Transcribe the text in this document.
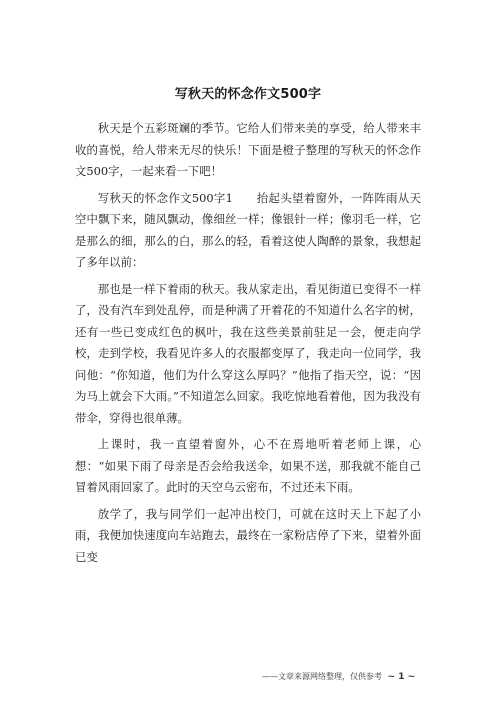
写秋天的怀念作文500字

秋天是个五彩斑斓的季节。它给人们带来美的享受，给人带来丰收的喜悦，给人带来无尽的快乐！下面是橙子整理的写秋天的怀念作文500字，一起来看一下吧！

写秋天的怀念作文500字1　　抬起头望着窗外，一阵阵雨从天空中飘下来，随风飘动，像细丝一样；像银针一样；像羽毛一样，它是那么的细，那么的白，那么的轻，看着这使人陶醉的景象，我想起了多年以前：

那也是一样下着雨的秋天。我从家走出，看见街道已变得不一样了，没有汽车到处乱停，而是种满了开着花的不知道什么名字的树，还有一些已变成红色的枫叶，我在这些美景前驻足一会，便走向学校，走到学校，我看见许多人的衣服都变厚了，我走向一位同学，我问他：“你知道，他们为什么穿这么厚吗？”他指了指天空，说：“因为马上就会下大雨。”不知道怎么回家。我吃惊地看着他，因为我没有带伞，穿得也很单薄。

上课时，我一直望着窗外，心不在焉地听着老师上课，心想：“如果下雨了母亲是否会给我送伞，如果不送，那我就不能自己冒着风雨回家了。此时的天空乌云密布，不过还未下雨。

放学了，我与同学们一起冲出校门，可就在这时天上下起了小雨，我便加快速度向车站跑去，最终在一家粉店停了下来，望着外面已变

——文章来源网络整理，仅供参考 ~ 1 ~
